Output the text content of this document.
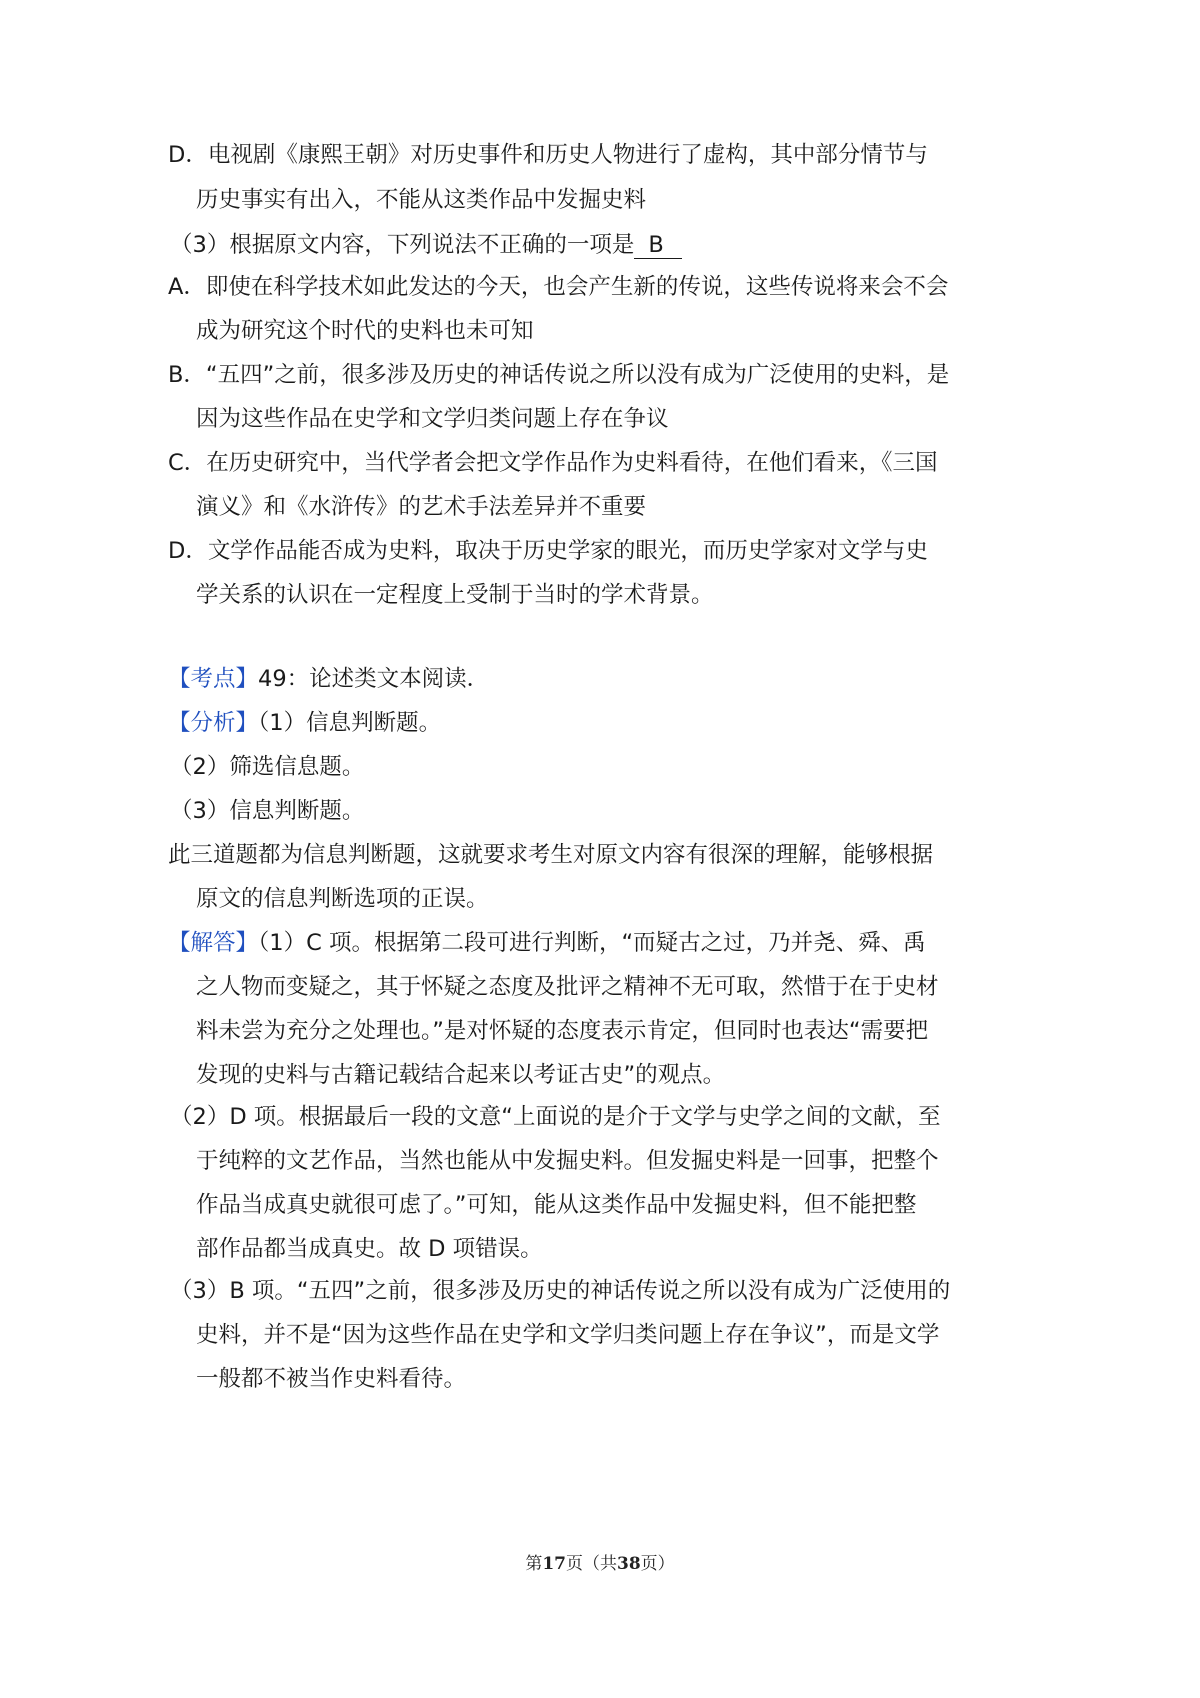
D．电视剧《康熙王朝》对历史事件和历史人物进行了虚构，其中部分情节与
历史事实有出入，不能从这类作品中发掘史料
（3）根据原文内容，下列说法不正确的一项是 B
A．即使在科学技术如此发达的今天，也会产生新的传说，这些传说将来会不会
成为研究这个时代的史料也未可知
B．“五四”之前，很多涉及历史的神话传说之所以没有成为广泛使用的史料，是
因为这些作品在史学和文学归类问题上存在争议
C．在历史研究中，当代学者会把文学作品作为史料看待，在他们看来，《三国
演义》和《水浒传》的艺术手法差异并不重要
D．文学作品能否成为史料，取决于历史学家的眼光，而历史学家对文学与史
学关系的认识在一定程度上受制于当时的学术背景。
【考点】49：论述类文本阅读．
【分析】（1）信息判断题。
（2）筛选信息题。
（3）信息判断题。
此三道题都为信息判断题，这就要求考生对原文内容有很深的理解，能够根据
原文的信息判断选项的正误。
【解答】（1）C 项。根据第二段可进行判断，“而疑古之过，乃并尧、舜、禹
之人物而变疑之，其于怀疑之态度及批评之精神不无可取，然惜于在于史材
料未尝为充分之处理也。”是对怀疑的态度表示肯定，但同时也表达“需要把
发现的史料与古籍记载结合起来以考证古史”的观点。
（2）D 项。根据最后一段的文意“上面说的是介于文学与史学之间的文献，至
于纯粹的文艺作品，当然也能从中发掘史料。但发掘史料是一回事，把整个
作品当成真史就很可虑了。”可知，能从这类作品中发掘史料，但不能把整
部作品都当成真史。故 D 项错误。
（3）B 项。“五四”之前，很多涉及历史的神话传说之所以没有成为广泛使用的
史料，并不是“因为这些作品在史学和文学归类问题上存在争议”，而是文学
一般都不被当作史料看待。
第17页（共38页）
